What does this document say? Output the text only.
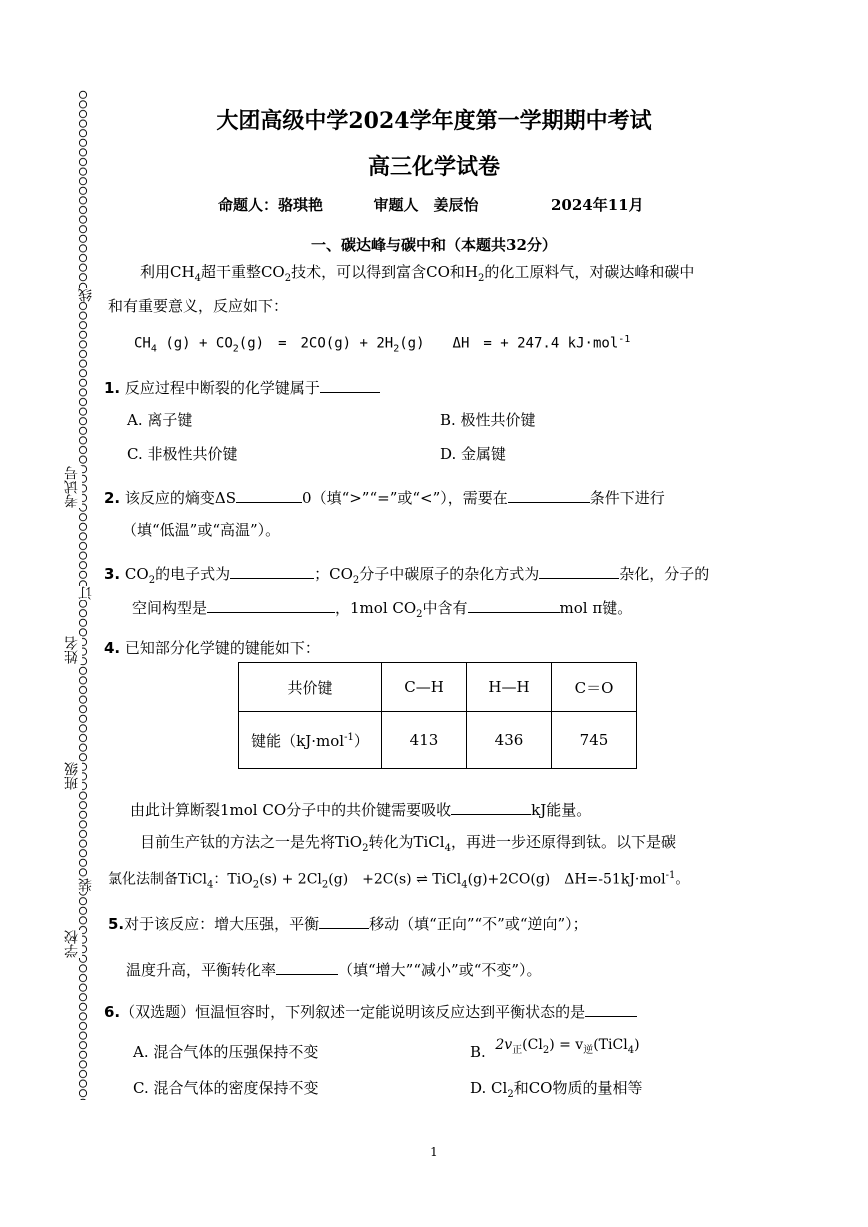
线
考试号
订
姓名
班级
装
学校
大团高级中学2024学年度第一学期期中考试
高三化学试卷
命题人：骆琪艳	审题人　姜辰怡	2024年11月
一、碳达峰与碳中和（本题共32分）
利用$CH_4$超干重整$CO_2$技术，可以得到富含CO和$H_2$的化工原料气，对碳达峰和碳中
和有重要意义，反应如下：
$CH_4$ $(g) + CO_2(g)$　=　$2CO(g) + 2H_2(g)$　　ΔH　= + 247.4 kJ·mol$^{-1}$
1. 反应过程中断裂的化学键属于
A. 离子键	B. 极性共价键
C. 非极性共价键	D. 金属键
2. 该反应的熵变ΔS	0（填“>”“=”或“<”），需要在	条件下进行
（填“低温”或“高温”）。
3. $CO_2$的电子式为	；$CO_2$分子中碳原子的杂化方式为	杂化，分子的
空间构型是	，1mol $CO_2$中含有	mol π键。
4. 已知部分化学键的键能如下：
共价键	C—H	H—H	C＝O
键能（kJ·mol$^{-1}$）	413	436	745
由此计算断裂1mol CO分子中的共价键需要吸收	kJ能量。
目前生产钛的方法之一是先将TiO$_2$转化为TiCl$_4$，再进一步还原得到钛。以下是碳
氯化法制备TiCl$_4$：$TiO_2(s) + 2Cl_2(g)$　+2C(s) ⇌ TiCl$_4$(g)+2CO(g)　ΔH=-51kJ·mol$^{-1}$。
5.对于该反应：增大压强，平衡	移动（填“正向”“不”或“逆向”）；
温度升高，平衡转化率	（填“增大”“减小”或“不变”）。
6.（双选题）恒温恒容时，下列叙述一定能说明该反应达到平衡状态的是
A. 混合气体的压强保持不变	B. $2v_正(Cl_2)$ = $v_逆(TiCl_4)$
C. 混合气体的密度保持不变	D. $Cl_2$和CO物质的量相等
1
